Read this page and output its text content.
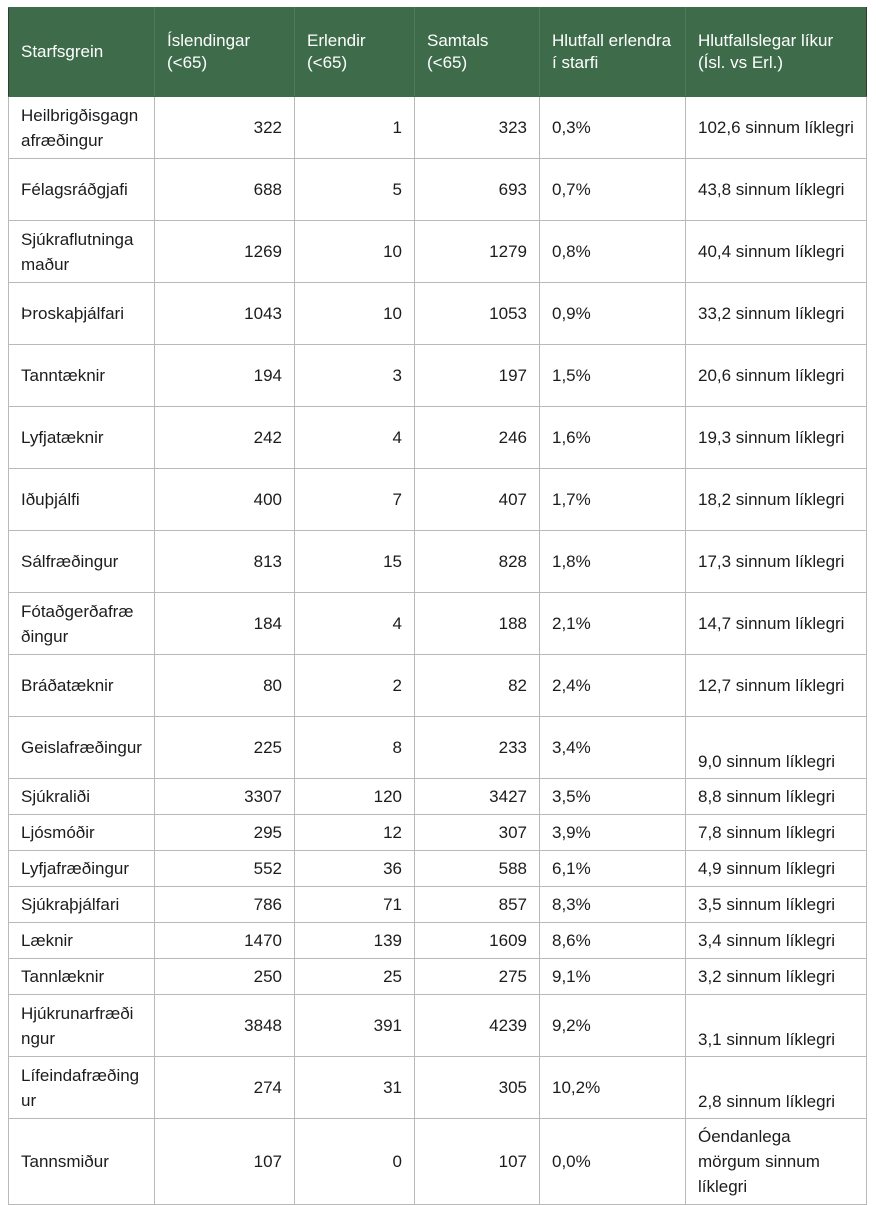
Starfsgrein	Íslendingar (<65)	Erlendir (<65)	Samtals (<65)	Hlutfall erlendra í starfi	Hlutfallslegar líkur (Ísl. vs Erl.)

Heilbrigðisgagnafræðingur	322	1	323	0,3%	102,6 sinnum líklegri

Félagsráðgjafi	688	5	693	0,7%	43,8 sinnum líklegri

Sjúkraflutningamaður	1269	10	1279	0,8%	40,4 sinnum líklegri

Þroskaþjálfari	1043	10	1053	0,9%	33,2 sinnum líklegri

Tanntæknir	194	3	197	1,5%	20,6 sinnum líklegri

Lyfjatæknir	242	4	246	1,6%	19,3 sinnum líklegri

Iðuþjálfi	400	7	407	1,7%	18,2 sinnum líklegri

Sálfræðingur	813	15	828	1,8%	17,3 sinnum líklegri

Fótaðgerðafræðingur	184	4	188	2,1%	14,7 sinnum líklegri

Bráðatæknir	80	2	82	2,4%	12,7 sinnum líklegri

Geislafræðingur	225	8	233	3,4%	9,0 sinnum líklegri

Sjúkraliði	3307	120	3427	3,5%	8,8 sinnum líklegri

Ljósmóðir	295	12	307	3,9%	7,8 sinnum líklegri

Lyfjafræðingur	552	36	588	6,1%	4,9 sinnum líklegri

Sjúkraþjálfari	786	71	857	8,3%	3,5 sinnum líklegri

Læknir	1470	139	1609	8,6%	3,4 sinnum líklegri

Tannlæknir	250	25	275	9,1%	3,2 sinnum líklegri

Hjúkrunarfræðingur	3848	391	4239	9,2%	3,1 sinnum líklegri

Lífeindafræðingur	274	31	305	10,2%	2,8 sinnum líklegri

Tannsmiður	107	0	107	0,0%	Óendanlega mörgum sinnum líklegri
